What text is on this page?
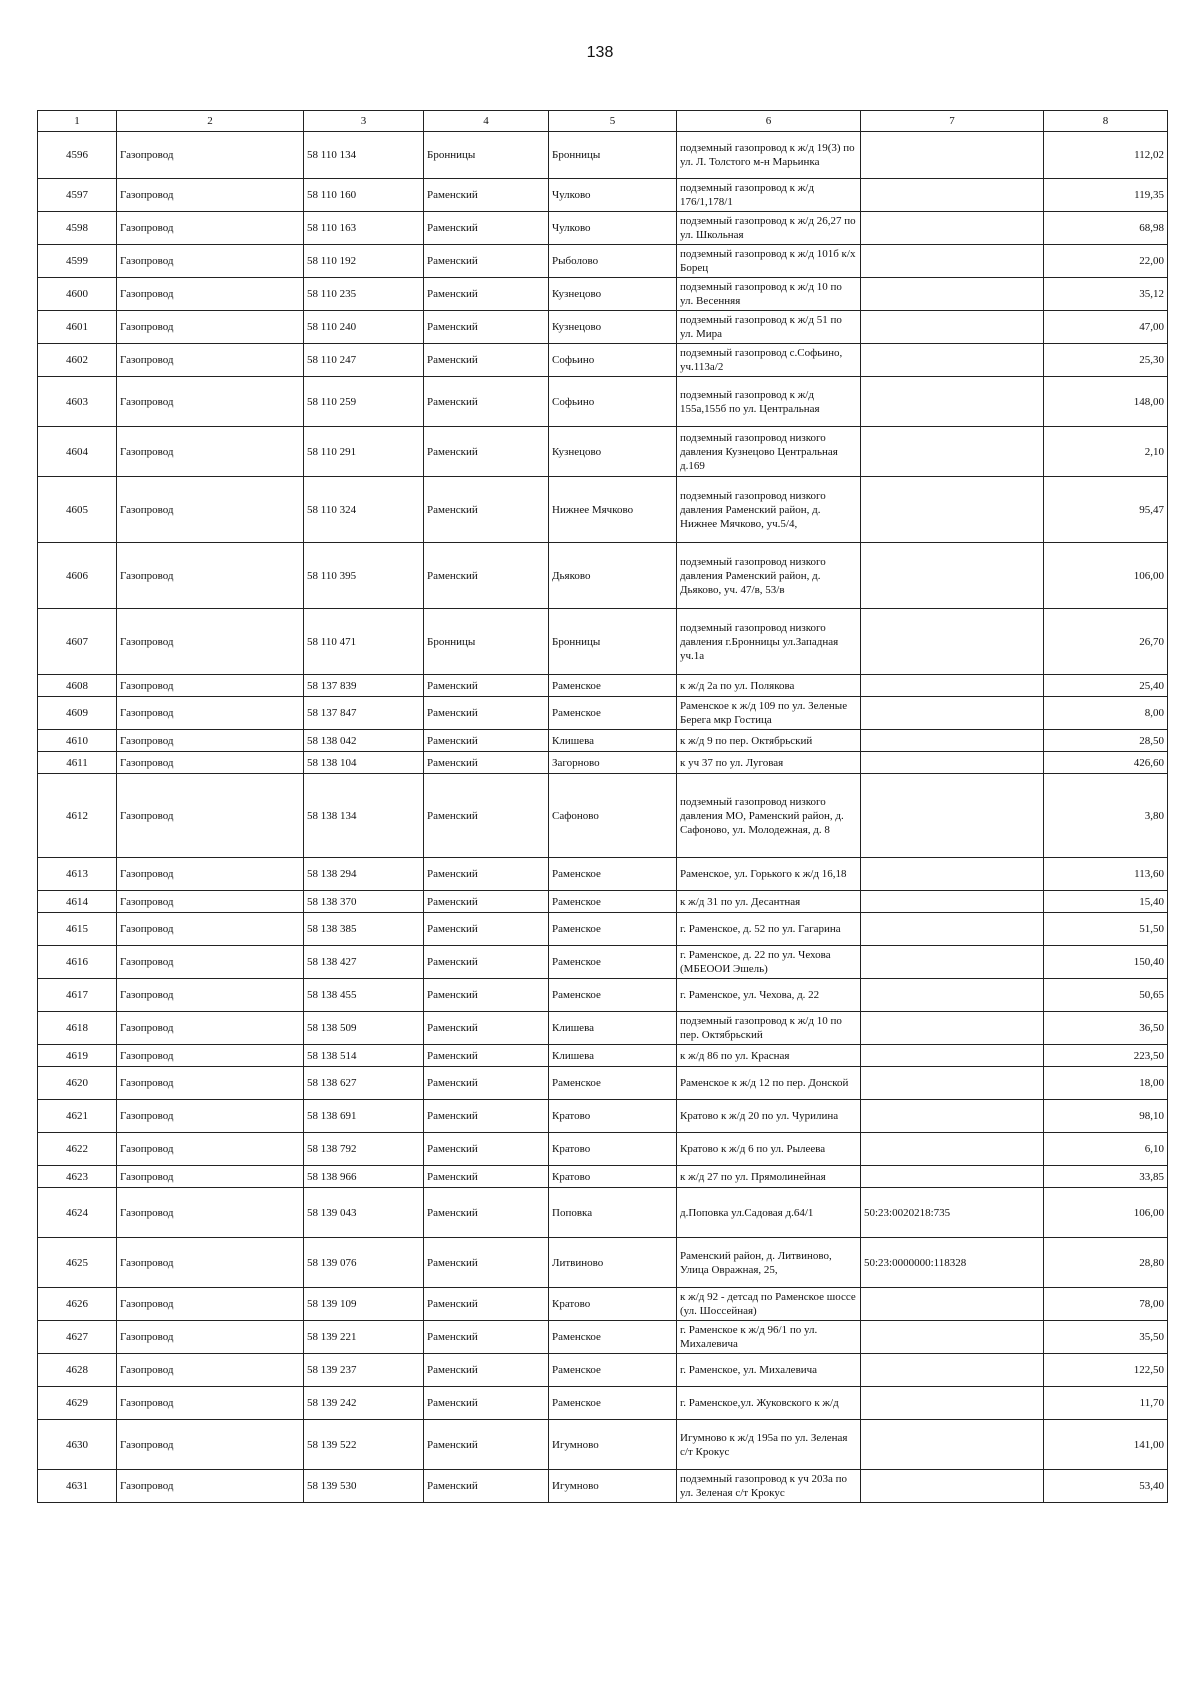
138
1	2	3	4	5	6	7	8
4596	Газопровод	58 110 134	Бронницы	Бронницы	подземный газопровод к ж/д 19(3) по ул. Л. Толстого м-н Марьинка		112,02
4597	Газопровод	58 110 160	Раменский	Чулково	подземный газопровод к ж/д 176/1,178/1		119,35
4598	Газопровод	58 110 163	Раменский	Чулково	подземный газопровод к ж/д 26,27 по ул. Школьная		68,98
4599	Газопровод	58 110 192	Раменский	Рыболово	подземный газопровод к ж/д 101б к/х Борец		22,00
4600	Газопровод	58 110 235	Раменский	Кузнецово	подземный газопровод к ж/д 10 по ул. Весенняя		35,12
4601	Газопровод	58 110 240	Раменский	Кузнецово	подземный газопровод к ж/д 51 по ул. Мира		47,00
4602	Газопровод	58 110 247	Раменский	Софьино	подземный газопровод с.Софьино, уч.113а/2		25,30
4603	Газопровод	58 110 259	Раменский	Софьино	подземный газопровод к ж/д 155а,155б по ул. Центральная		148,00
4604	Газопровод	58 110 291	Раменский	Кузнецово	подземный газопровод низкого давления Кузнецово Центральная д.169		2,10
4605	Газопровод	58 110 324	Раменский	Нижнее Мячково	подземный газопровод низкого давления Раменский район, д. Нижнее Мячково, уч.5/4,		95,47
4606	Газопровод	58 110 395	Раменский	Дьяково	подземный газопровод низкого давления Раменский район, д. Дьяково, уч. 47/в, 53/в		106,00
4607	Газопровод	58 110 471	Бронницы	Бронницы	подземный газопровод низкого давления г.Бронницы ул.Западная уч.1а		26,70
4608	Газопровод	58 137 839	Раменский	Раменское	к ж/д 2а по ул. Полякова		25,40
4609	Газопровод	58 137 847	Раменский	Раменское	Раменское к ж/д 109 по ул. Зеленые Берега мкр Гостица		8,00
4610	Газопровод	58 138 042	Раменский	Клишева	к ж/д 9 по пер. Октябрьский		28,50
4611	Газопровод	58 138 104	Раменский	Загорново	к уч 37 по ул. Луговая		426,60
4612	Газопровод	58 138 134	Раменский	Сафоново	подземный газопровод низкого давления МО, Раменский район, д. Сафоново, ул. Молодежная, д. 8		3,80
4613	Газопровод	58 138 294	Раменский	Раменское	Раменское, ул. Горького к ж/д 16,18		113,60
4614	Газопровод	58 138 370	Раменский	Раменское	к ж/д 31 по ул. Десантная		15,40
4615	Газопровод	58 138 385	Раменский	Раменское	г. Раменское, д. 52 по ул. Гагарина		51,50
4616	Газопровод	58 138 427	Раменский	Раменское	г. Раменское, д. 22 по ул. Чехова (МБЕООИ Эшель)		150,40
4617	Газопровод	58 138 455	Раменский	Раменское	г. Раменское, ул. Чехова, д. 22		50,65
4618	Газопровод	58 138 509	Раменский	Клишева	подземный газопровод к ж/д 10 по пер. Октябрьский		36,50
4619	Газопровод	58 138 514	Раменский	Клишева	к ж/д 86 по ул. Красная		223,50
4620	Газопровод	58 138 627	Раменский	Раменское	Раменское к ж/д 12 по пер. Донской		18,00
4621	Газопровод	58 138 691	Раменский	Кратово	Кратово к ж/д 20 по ул. Чурилина		98,10
4622	Газопровод	58 138 792	Раменский	Кратово	Кратово к ж/д 6 по ул. Рылеева		6,10
4623	Газопровод	58 138 966	Раменский	Кратово	к ж/д 27 по ул. Прямолинейная		33,85
4624	Газопровод	58 139 043	Раменский	Поповка	д.Поповка ул.Садовая д.64/1	50:23:0020218:735	106,00
4625	Газопровод	58 139 076	Раменский	Литвиново	Раменский район, д. Литвиново, Улица Овражная, 25,	50:23:0000000:118328	28,80
4626	Газопровод	58 139 109	Раменский	Кратово	к ж/д 92 - детсад по Раменское шоссе (ул. Шоссейная)		78,00
4627	Газопровод	58 139 221	Раменский	Раменское	г. Раменское к ж/д 96/1 по ул. Михалевича		35,50
4628	Газопровод	58 139 237	Раменский	Раменское	г. Раменское, ул. Михалевича		122,50
4629	Газопровод	58 139 242	Раменский	Раменское	г. Раменское,ул. Жуковского к ж/д		11,70
4630	Газопровод	58 139 522	Раменский	Игумново	Игумново к ж/д 195а по ул. Зеленая с/т Крокус		141,00
4631	Газопровод	58 139 530	Раменский	Игумново	подземный газопровод к уч 203а по ул. Зеленая с/т Крокус		53,40
